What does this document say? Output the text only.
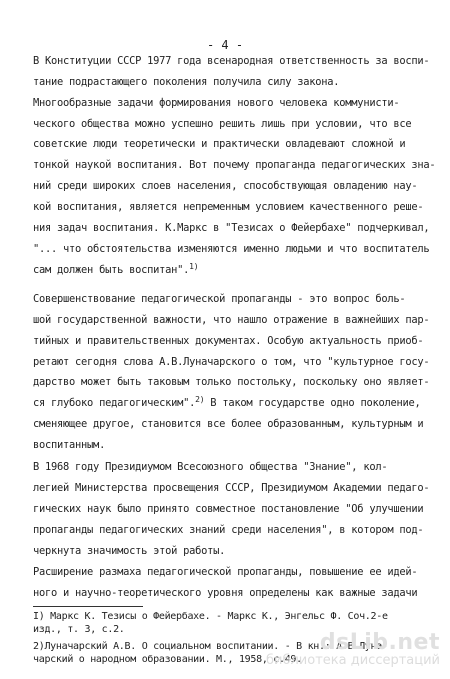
- 4 -
В Конституции СССР 1977 года всенародная ответственность за воспи-
тание подрастающего поколения получила силу закона.
Многообразные задачи формирования нового человека коммунисти-
ческого общества можно успешно решить лишь при условии, что все
советские люди теоретически и практически овладевают сложной и
тонкой наукой воспитания. Вот почему пропаганда педагогических зна-
ний среди широких слоев населения, способствующая овладению нау-
кой воспитания, является непременным условием качественного реше-
ния задач воспитания. К.Маркс в "Тезисах о Фейербахе" подчеркивал,
"... что обстоятельства изменяются именно людьми и что воспитатель
сам должен быть воспитан".$^{1)}$
Совершенствование педагогической пропаганды - это вопрос боль-
шой государственной важности, что нашло отражение в важнейших пар-
тийных и правительственных документах. Особую актуальность приоб-
ретают сегодня слова А.В.Луначарского о том, что "культурное госу-
дарство может быть таковым только постольку, поскольку оно являет-
ся глубоко педагогическим".$^{2)}$ В таком государстве одно поколение,
сменяющее другое, становится все более образованным, культурным и
воспитанным.
В 1968 году Президиумом Всесоюзного общества "Знание", кол-
легией Министерства просвещения СССР, Президиумом Академии педаго-
гических наук было принято совместное постановление "Об улучшении
пропаганды педагогических знаний среди населения", в котором под-
черкнута значимость этой работы.
Расширение размаха педагогической пропаганды, повышение ее идей-
ного и научно-теоретического уровня определены как важные задачи
I) Маркс К. Тезисы о Фейербахе. - Маркс К., Энгельс Ф. Соч.2-е
изд., т. 3, с.2.
2)Луначарский А.В. О социальном воспитании. - В кн.: А.В.Луна-
чарский о народном образовании. М., 1958, с.49.
dsLib.net
библиотека диссертаций
